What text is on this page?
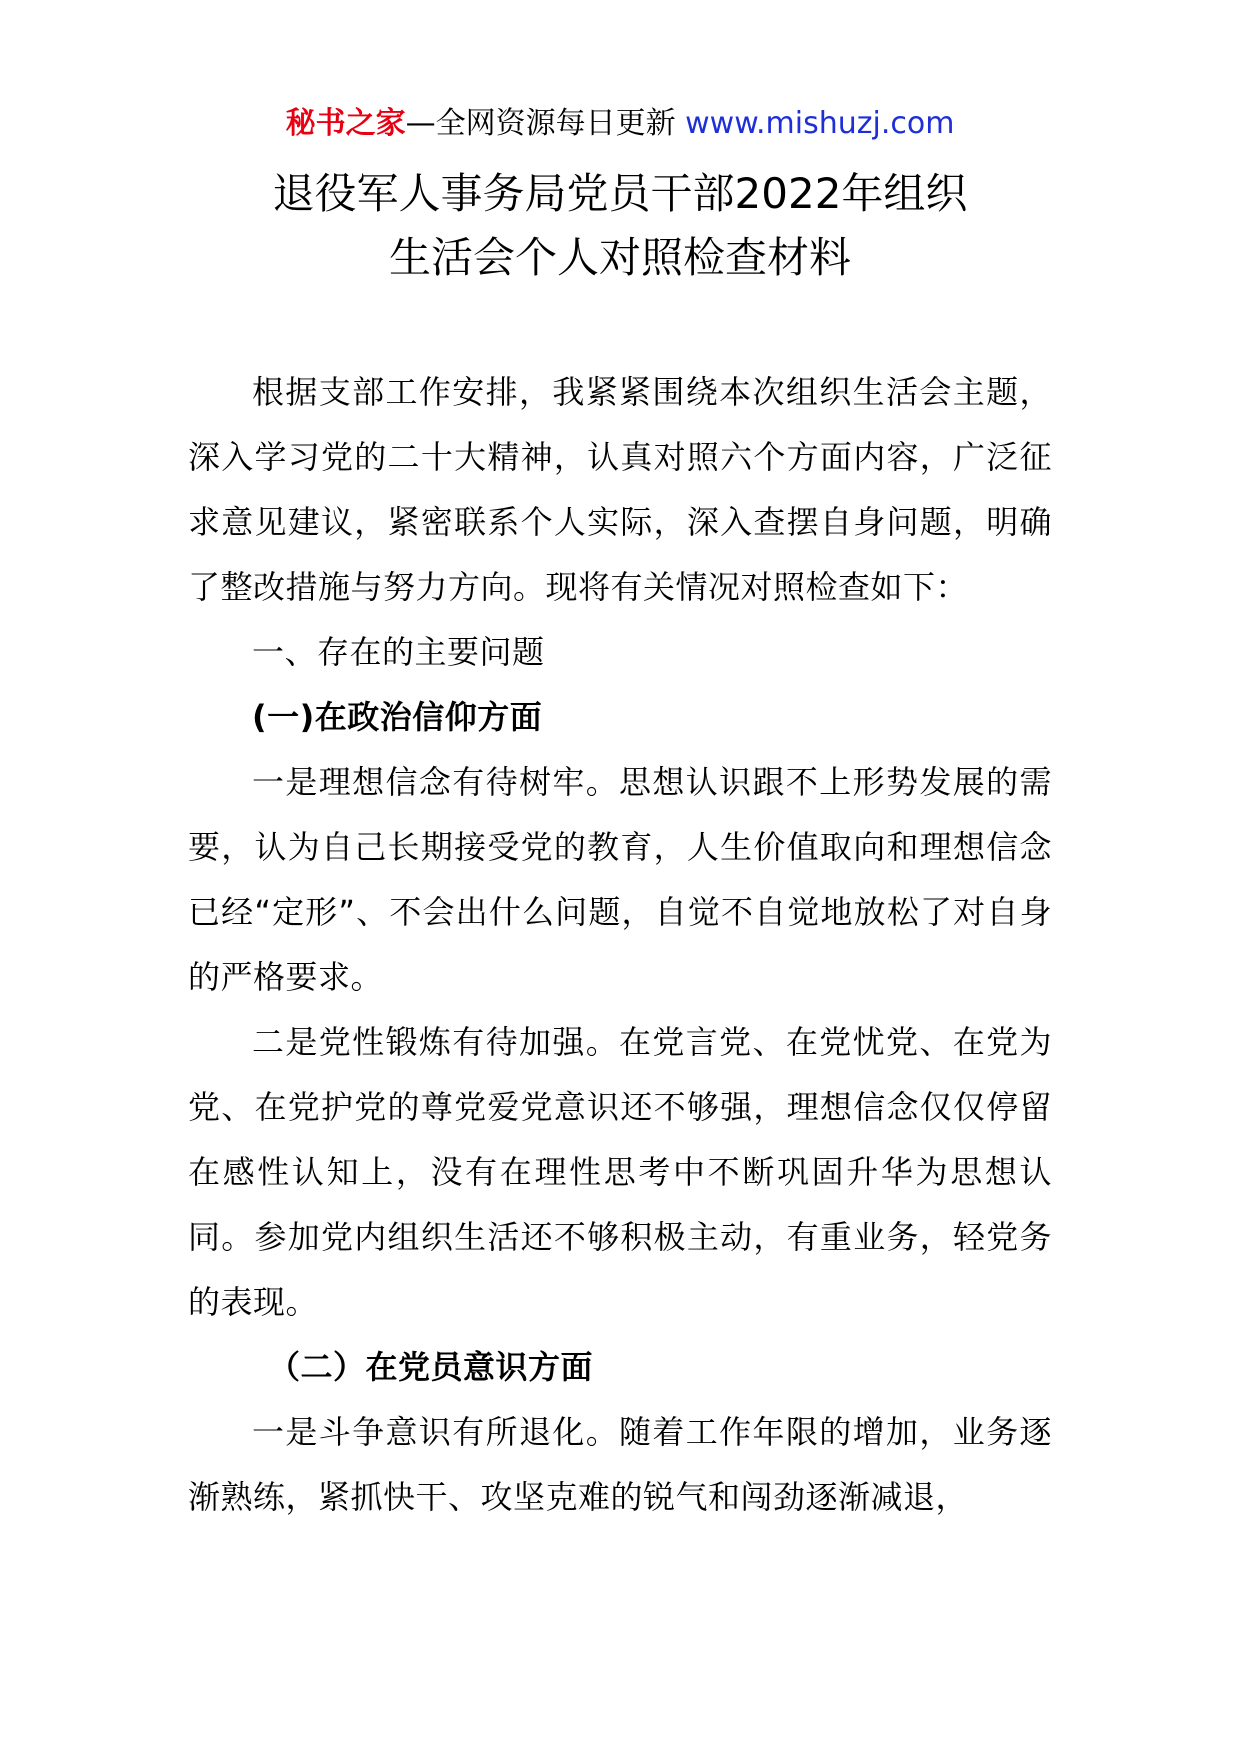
秘书之家—全网资源每日更新 www.mishuzj.com
退役军人事务局党员干部2022年组织
生活会个人对照检查材料

根据支部工作安排，我紧紧围绕本次组织生活会主题，深入学习党的二十大精神，认真对照六个方面内容，广泛征求意见建议，紧密联系个人实际，深入查摆自身问题，明确了整改措施与努力方向。现将有关情况对照检查如下：

一、存在的主要问题

(一)在政治信仰方面

一是理想信念有待树牢。思想认识跟不上形势发展的需要，认为自己长期接受党的教育，人生价值取向和理想信念已经“定形”、不会出什么问题，自觉不自觉地放松了对自身的严格要求。

二是党性锻炼有待加强。在党言党、在党忧党、在党为党、在党护党的尊党爱党意识还不够强，理想信念仅仅停留在感性认知上，没有在理性思考中不断巩固升华为思想认同。参加党内组织生活还不够积极主动，有重业务，轻党务的表现。

（二）在党员意识方面

一是斗争意识有所退化。随着工作年限的增加，业务逐渐熟练，紧抓快干、攻坚克难的锐气和闯劲逐渐减退，
